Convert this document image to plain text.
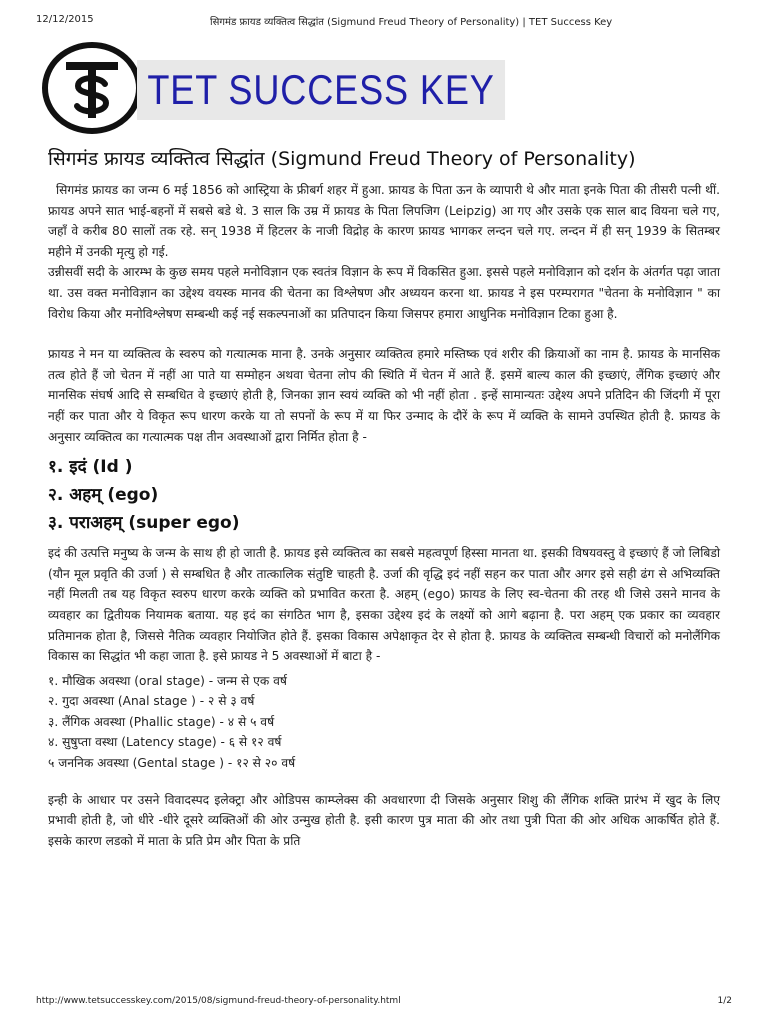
12/12/2015	सिगमंड फ्रायड व्यक्तित्व सिद्धांत (Sigmund Freud Theory of Personality) | TET Success Key
TET SUCCESS KEY
सिगमंड फ्रायड व्यक्तित्व सिद्धांत (Sigmund Freud Theory of Personality)

सिगमंड फ्रायड का जन्म 6 मई 1856 को आस्ट्रिया के फ्रीबर्ग शहर में हुआ. फ्रायड के पिता ऊन के व्यापारी थे और माता इनके पिता की तीसरी पत्नी थीं. फ्रायड अपने सात भाई-बहनों में सबसे बडे थे. 3 साल कि उम्र में फ्रायड के पिता लिपजिग (Leipzig) आ गए और उसके एक साल बाद वियना चले गए, जहाँ वे करीब 80 सालों तक रहे. सन् 1938 में हिटलर के नाजी विद्रोह के कारण फ्रायड भागकर लन्दन चले गए. लन्दन में ही सन् 1939 के सितम्बर महीने में उनकी मृत्यु हो गई.

उन्नीसवीं सदी के आरम्भ के कुछ समय पहले मनोविज्ञान एक स्वतंत्र विज्ञान के रूप में विकसित हुआ. इससे पहले मनोविज्ञान को दर्शन के अंतर्गत पढ़ा जाता था. उस वक्त मनोविज्ञान का उद्देश्य वयस्क मानव की चेतना का विश्लेषण और अध्ययन करना था. फ्रायड ने इस परम्परागत "चेतना के मनोविज्ञान " का विरोध किया और मनोविश्लेषण सम्बन्धी कई नई सकल्पनाओं का प्रतिपादन किया जिसपर हमारा आधुनिक मनोविज्ञान टिका हुआ है.

फ्रायड ने मन या व्यक्तित्व के स्वरुप को गत्यात्मक माना है. उनके अनुसार व्यक्तित्व हमारे मस्तिष्क एवं शरीर की क्रियाओं का नाम है. फ्रायड के मानसिक तत्व होते हैं जो चेतन में नहीं आ पाते या सम्मोहन अथवा चेतना लोप की स्थिति में चेतन में आते हैं. इसमें बाल्य काल की इच्छाएं, लैंगिक इच्छाएं और मानसिक संघर्ष आदि से सम्बधित वे इच्छाएं होती है, जिनका ज्ञान स्वयं व्यक्ति को भी नहीं होता . इन्हें सामान्यतः उद्देश्य अपने प्रतिदिन की जिंदगी में पूरा नहीं कर पाता और ये विकृत रूप धारण करके या तो सपनों के रूप में या फिर उन्माद के दौरें के रूप में व्यक्ति के सामने उपस्थित होती है. फ्रायड के अनुसार व्यक्तित्व का गत्यात्मक पक्ष तीन अवस्थाओं द्वारा निर्मित होता है -

१. इदं (Id )
२. अहम् (ego)
३. पराअहम् (super ego)

इदं की उत्पत्ति मनुष्य के जन्म के साथ ही हो जाती है. फ्रायड इसे व्यक्तित्व का सबसे महत्वपूर्ण हिस्सा मानता था. इसकी विषयवस्तु वे इच्छाएं हैं जो लिबिडो (यौन मूल प्रवृति की उर्जा ) से सम्बधित है और तात्कालिक संतुष्टि चाहती है. उर्जा की वृद्धि इदं नहीं सहन कर पाता और अगर इसे सही ढंग से अभिव्यक्ति नहीं मिलती तब यह विकृत स्वरुप धारण करके व्यक्ति को प्रभावित करता है. अहम् (ego) फ्रायड के लिए स्व-चेतना की तरह थी जिसे उसने मानव के व्यवहार का द्वितीयक नियामक बताया. यह इदं का संगठित भाग है, इसका उद्देश्य इदं के लक्ष्यों को आगे बढ़ाना है. परा अहम् एक प्रकार का व्यवहार प्रतिमानक होता है, जिससे नैतिक व्यवहार नियोजित होते हैं. इसका विकास अपेक्षाकृत देर से होता है. फ्रायड के व्यक्तित्व सम्बन्धी विचारों को मनोलैंगिक विकास का सिद्धांत भी कहा जाता है. इसे फ्रायड ने 5 अवस्थाओं में बाटा है -

१. मौखिक अवस्था (oral stage) - जन्म से एक वर्ष
२. गुदा अवस्था (Anal stage ) - २ से ३ वर्ष
३. लैंगिक अवस्था (Phallic stage) - ४ से ५ वर्ष
४. सुषुप्ता वस्था (Latency stage) - ६ से १२ वर्ष
५ जननिक अवस्था (Gental stage ) - १२ से २० वर्ष

इन्ही के आधार पर उसने विवादस्पद इलेक्ट्रा और ओडिपस काम्प्लेक्स की अवधारणा दी जिसके अनुसार शिशु की लैंगिक शक्ति प्रारंभ में खुद के लिए प्रभावी होती है, जो धीरे -धीरे दूसरे व्यक्तिओं की ओर उन्मुख होती है. इसी कारण पुत्र माता की ओर तथा पुत्री पिता की ओर अधिक आकर्षित होते हैं. इसके कारण लडको में माता के प्रति प्रेम और पिता के प्रति

http://www.tetsuccesskey.com/2015/08/sigmund-freud-theory-of-personality.html	1/2
